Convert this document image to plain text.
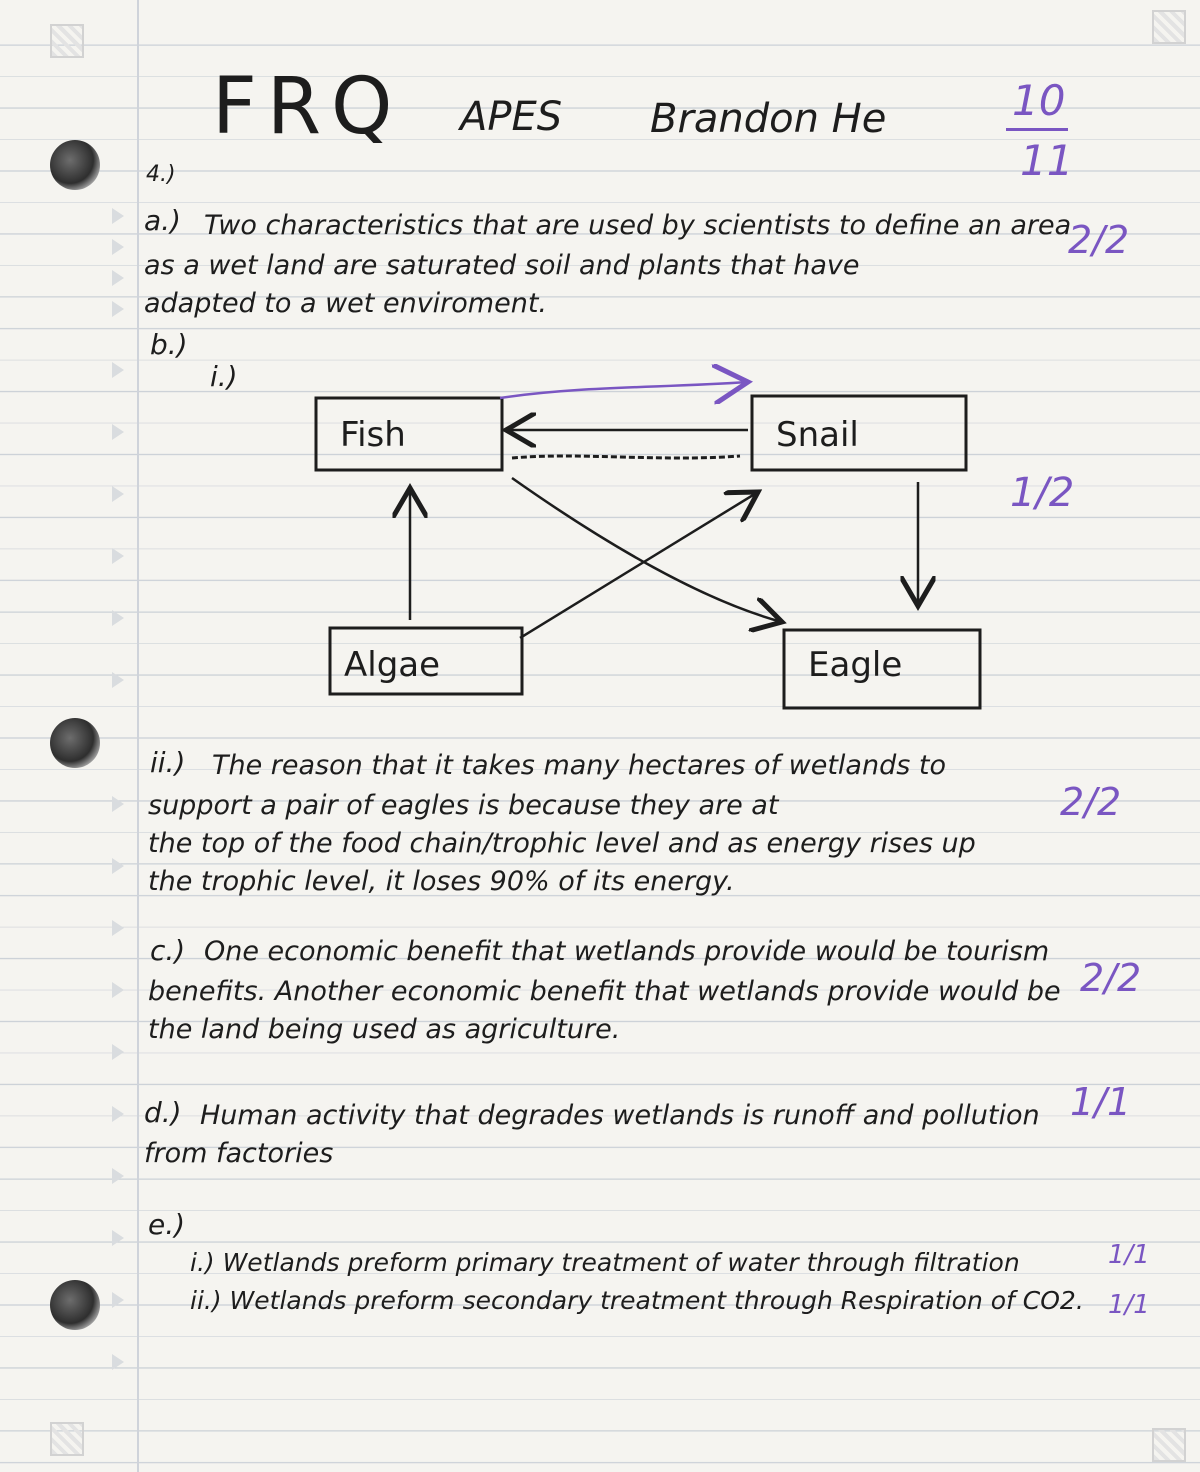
FRQ APES Brandon He	10
11
4.)
a.) Two characteristics that are used by scientists to define an area
as a wet land are saturated soil and plants that have
adapted to a wet enviroment.
2/2
b.)
i.)
Fish	Snail
Algae	Eagle
1/2
ii.) The reason that it takes many hectares of wetlands to
support a pair of eagles is because they are at
the top of the food chain/trophic level and as energy rises up
the trophic level, it loses 90% of its energy.
2/2
c.) One economic benefit that wetlands provide would be tourism
benefits. Another economic benefit that wetlands provide would be
the land being used as agriculture.
2/2
d.) Human activity that degrades wetlands is runoff and pollution
from factories
1/1
e.)
i.) Wetlands preform primary treatment of water through filtration
ii.) Wetlands preform secondary treatment through Respiration of CO2.
1/1
1/1
